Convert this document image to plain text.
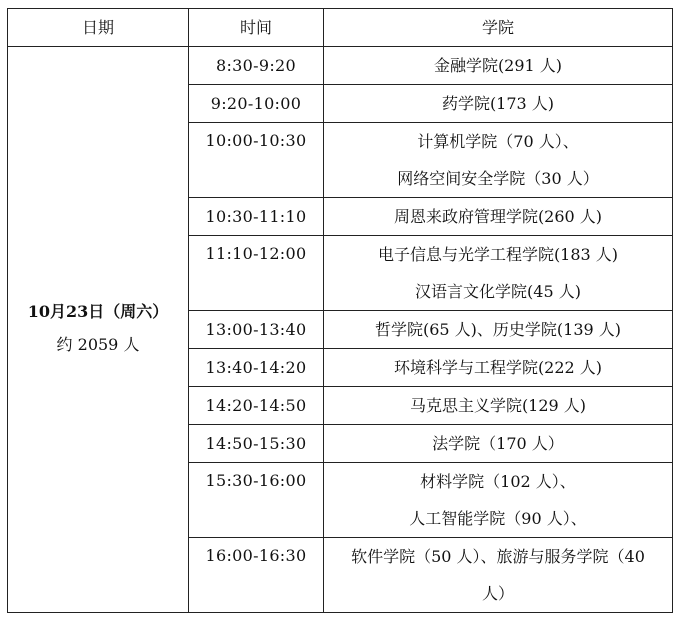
日期	时间	学院

10月23日（周六）
约 2059 人	8:30-9:20	金融学院(291 人)

	9:20-10:00	药学院(173 人)

	10:00-10:30	计算机学院（70 人）、
网络空间安全学院（30 人）

	10:30-11:10	周恩来政府管理学院(260 人)

	11:10-12:00	电子信息与光学工程学院(183 人)
汉语言文化学院(45 人)

	13:00-13:40	哲学院(65 人)、历史学院(139 人)

	13:40-14:20	环境科学与工程学院(222 人)

	14:20-14:50	马克思主义学院(129 人)

	14:50-15:30	法学院（170 人）

	15:30-16:00	材料学院（102 人）、
人工智能学院（90 人）、

	16:00-16:30	软件学院（50 人）、旅游与服务学院（40
人）
